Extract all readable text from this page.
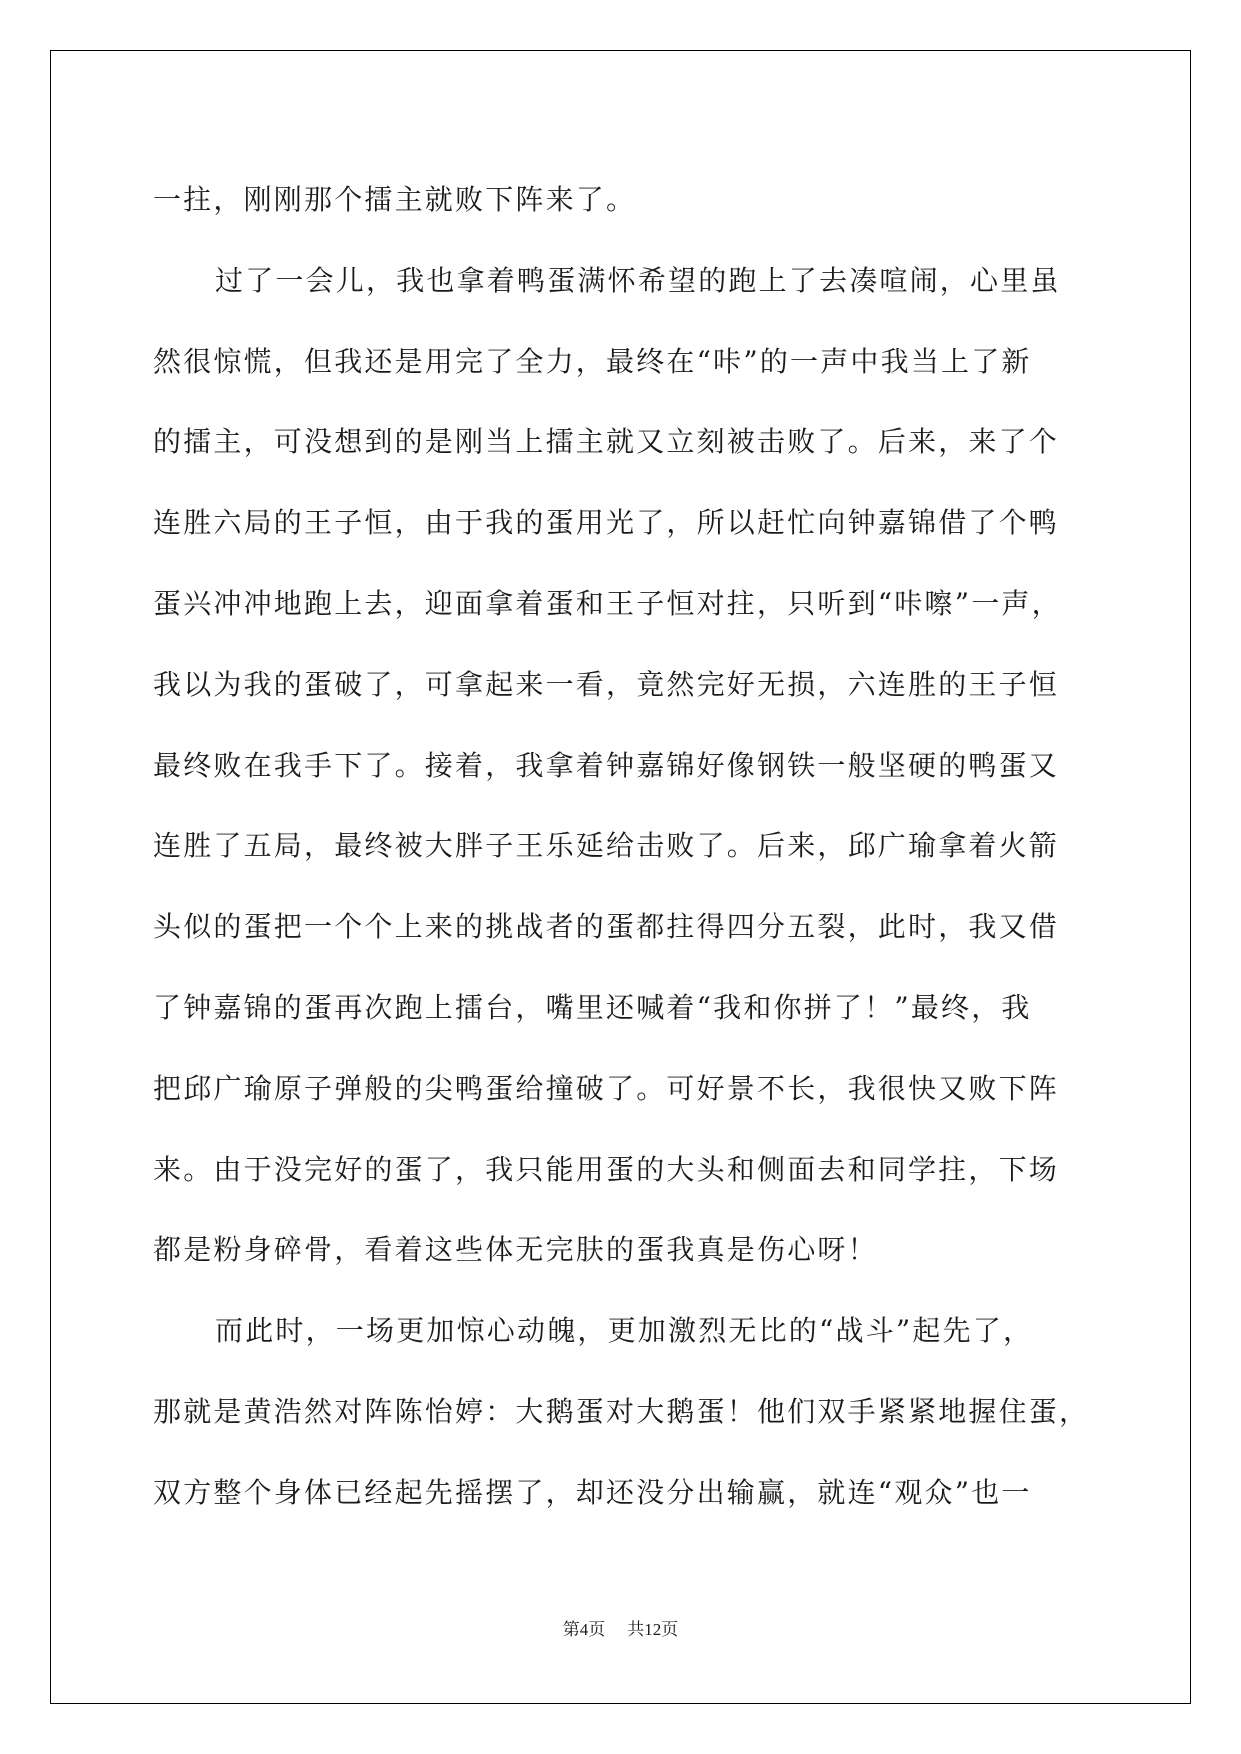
一拄，刚刚那个擂主就败下阵来了。
过了一会儿，我也拿着鸭蛋满怀希望的跑上了去凑喧闹，心里虽
然很惊慌，但我还是用完了全力，最终在“咔”的一声中我当上了新
的擂主，可没想到的是刚当上擂主就又立刻被击败了。后来，来了个
连胜六局的王子恒，由于我的蛋用光了，所以赶忙向钟嘉锦借了个鸭
蛋兴冲冲地跑上去，迎面拿着蛋和王子恒对拄，只听到“咔嚓”一声，
我以为我的蛋破了，可拿起来一看，竟然完好无损，六连胜的王子恒
最终败在我手下了。接着，我拿着钟嘉锦好像钢铁一般坚硬的鸭蛋又
连胜了五局，最终被大胖子王乐延给击败了。后来，邱广瑜拿着火箭
头似的蛋把一个个上来的挑战者的蛋都拄得四分五裂，此时，我又借
了钟嘉锦的蛋再次跑上擂台，嘴里还喊着“我和你拼了！”最终，我
把邱广瑜原子弹般的尖鸭蛋给撞破了。可好景不长，我很快又败下阵
来。由于没完好的蛋了，我只能用蛋的大头和侧面去和同学拄，下场
都是粉身碎骨，看着这些体无完肤的蛋我真是伤心呀！
而此时，一场更加惊心动魄，更加激烈无比的“战斗”起先了，
那就是黄浩然对阵陈怡婷：大鹅蛋对大鹅蛋！他们双手紧紧地握住蛋，
双方整个身体已经起先摇摆了，却还没分出输赢，就连“观众”也一
第4页 共12页
